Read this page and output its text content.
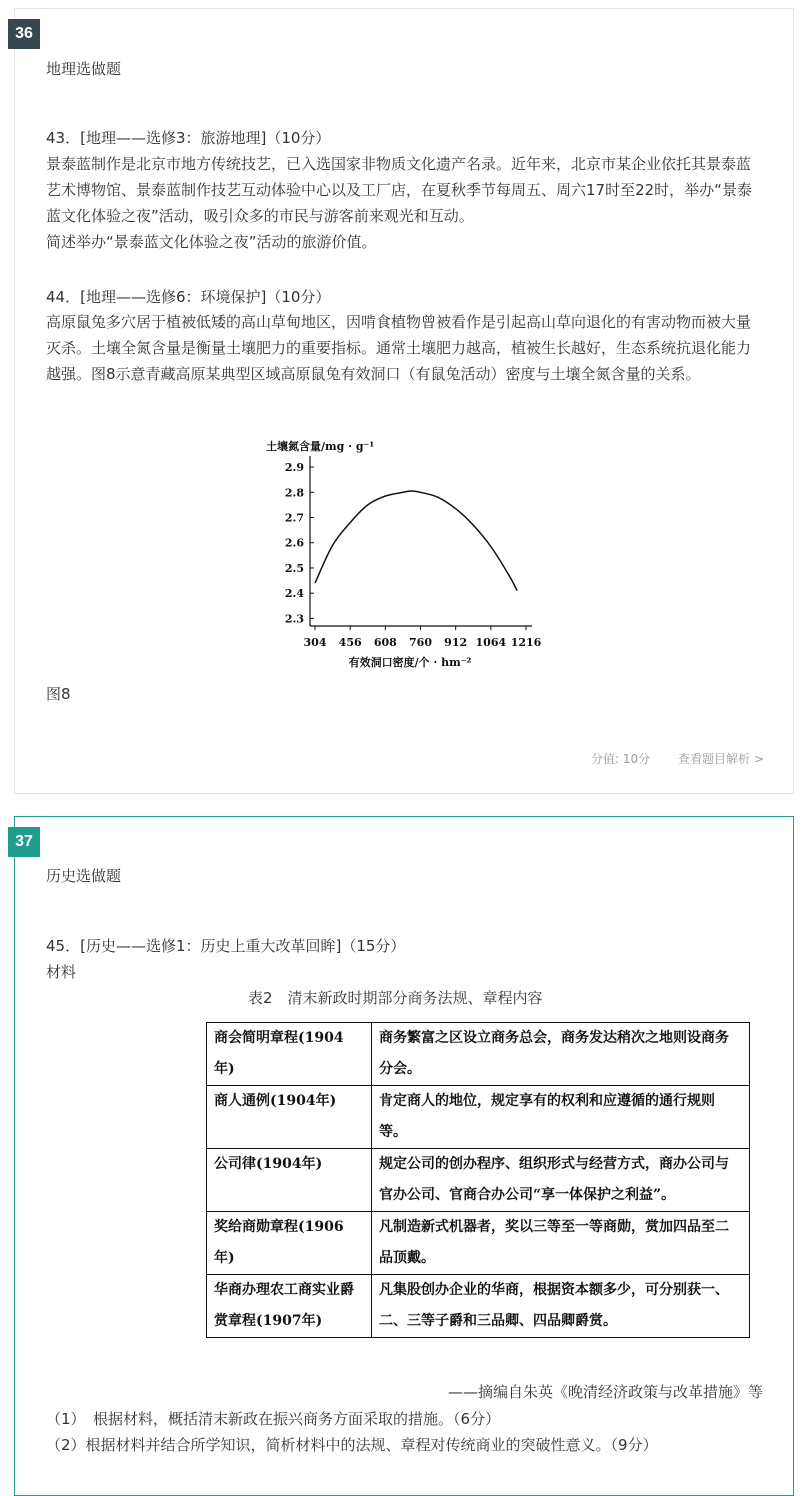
36
地理选做题
43．[地理——选修3：旅游地理]（10分）

景泰蓝制作是北京市地方传统技艺，已入选国家非物质文化遗产名录。近年来，北京市某企业依托其景泰蓝艺术博物馆、景泰蓝制作技艺互动体验中心以及工厂店，在夏秋季节每周五、周六17时至22时，举办“景泰蓝文化体验之夜”活动，吸引众多的市民与游客前来观光和互动。

简述举办“景泰蓝文化体验之夜”活动的旅游价值。
44．[地理——选修6：环境保护]（10分）

高原鼠兔多穴居于植被低矮的高山草甸地区，因啃食植物曾被看作是引起高山草向退化的有害动物而被大量灭杀。土壤全氮含量是衡量土壤肥力的重要指标。通常土壤肥力越高，植被生长越好，生态系统抗退化能力越强。图8示意青藏高原某典型区域高原鼠兔有效洞口（有鼠兔活动）密度与土壤全氮含量的关系。

土壤氮含量/mg · g⁻¹
2.3
2.4
2.5
2.6
2.7
2.8
2.9
304 456 608 760 912 1064 1216
有效洞口密度/个 · hm⁻²
图8
分值: 10分 查看题目解析 >
37
历史选做题
45．[历史——选修1：历史上重大改革回眸]（15分）
材料
表2　清末新政时期部分商务法规、章程内容
商会简明章程(1904年)	商务繁富之区设立商务总会，商务发达稍次之地则设商务分会。
商人通例(1904年)	肯定商人的地位，规定享有的权利和应遵循的通行规则等。
公司律(1904年)	规定公司的创办程序、组织形式与经营方式，商办公司与官办公司、官商合办公司“享一体保护之利益”。
奖给商勋章程(1906年)	凡制造新式机器者，奖以三等至一等商勋，赏加四品至二品顶戴。
华商办理农工商实业爵赏章程(1907年)	凡集股创办企业的华商，根据资本额多少，可分别获一、二、三等子爵和三品卿、四品卿爵赏。
——摘编自朱英《晚清经济政策与改革措施》等
（1）　根据材料，概括清末新政在振兴商务方面采取的措施。（6分）
（2）根据材料并结合所学知识，简析材料中的法规、章程对传统商业的突破性意义。（9分）
